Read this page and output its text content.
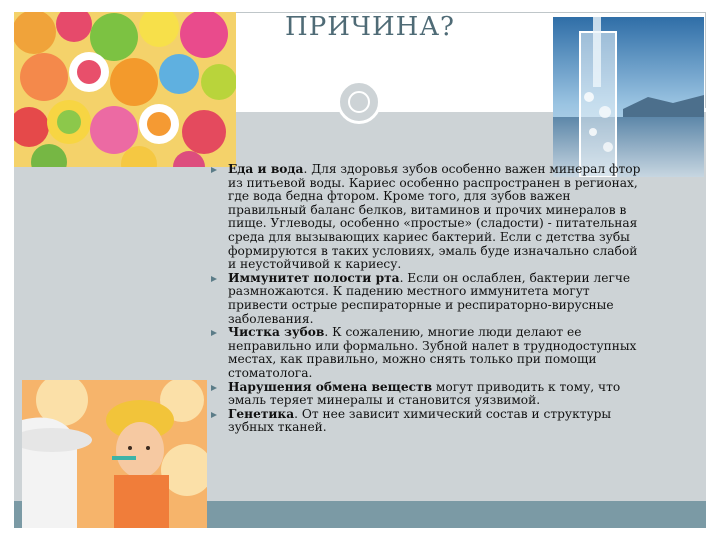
ПРИЧИНА?
Еда и вода. Для здоровья зубов особенно важен минерал фтор из питьевой воды. Кариес особенно распространен в регионах, где вода бедна фтором. Кроме того, для зубов важен правильный баланс белков, витаминов и прочих минералов в пище. Углеводы, особенно «простые» (сладости) - питательная среда для вызывающих кариес бактерий. Если с детства зубы формируются в таких условиях, эмаль буде изначально слабой и неустойчивой к кариесу.
Иммунитет полости рта. Если он ослаблен, бактерии легче размножаются. К падению местного иммунитета могут привести острые респираторные и респираторно-вирусные заболевания.
Чистка зубов. К сожалению, многие люди делают ее неправильно или формально. Зубной налет в труднодоступных местах, как правильно, можно снять только при помощи стоматолога.
Нарушения обмена веществ могут приводить к тому, что эмаль теряет минералы и становится уязвимой.
Генетика. От нее зависит химический состав и структуры зубных тканей.
